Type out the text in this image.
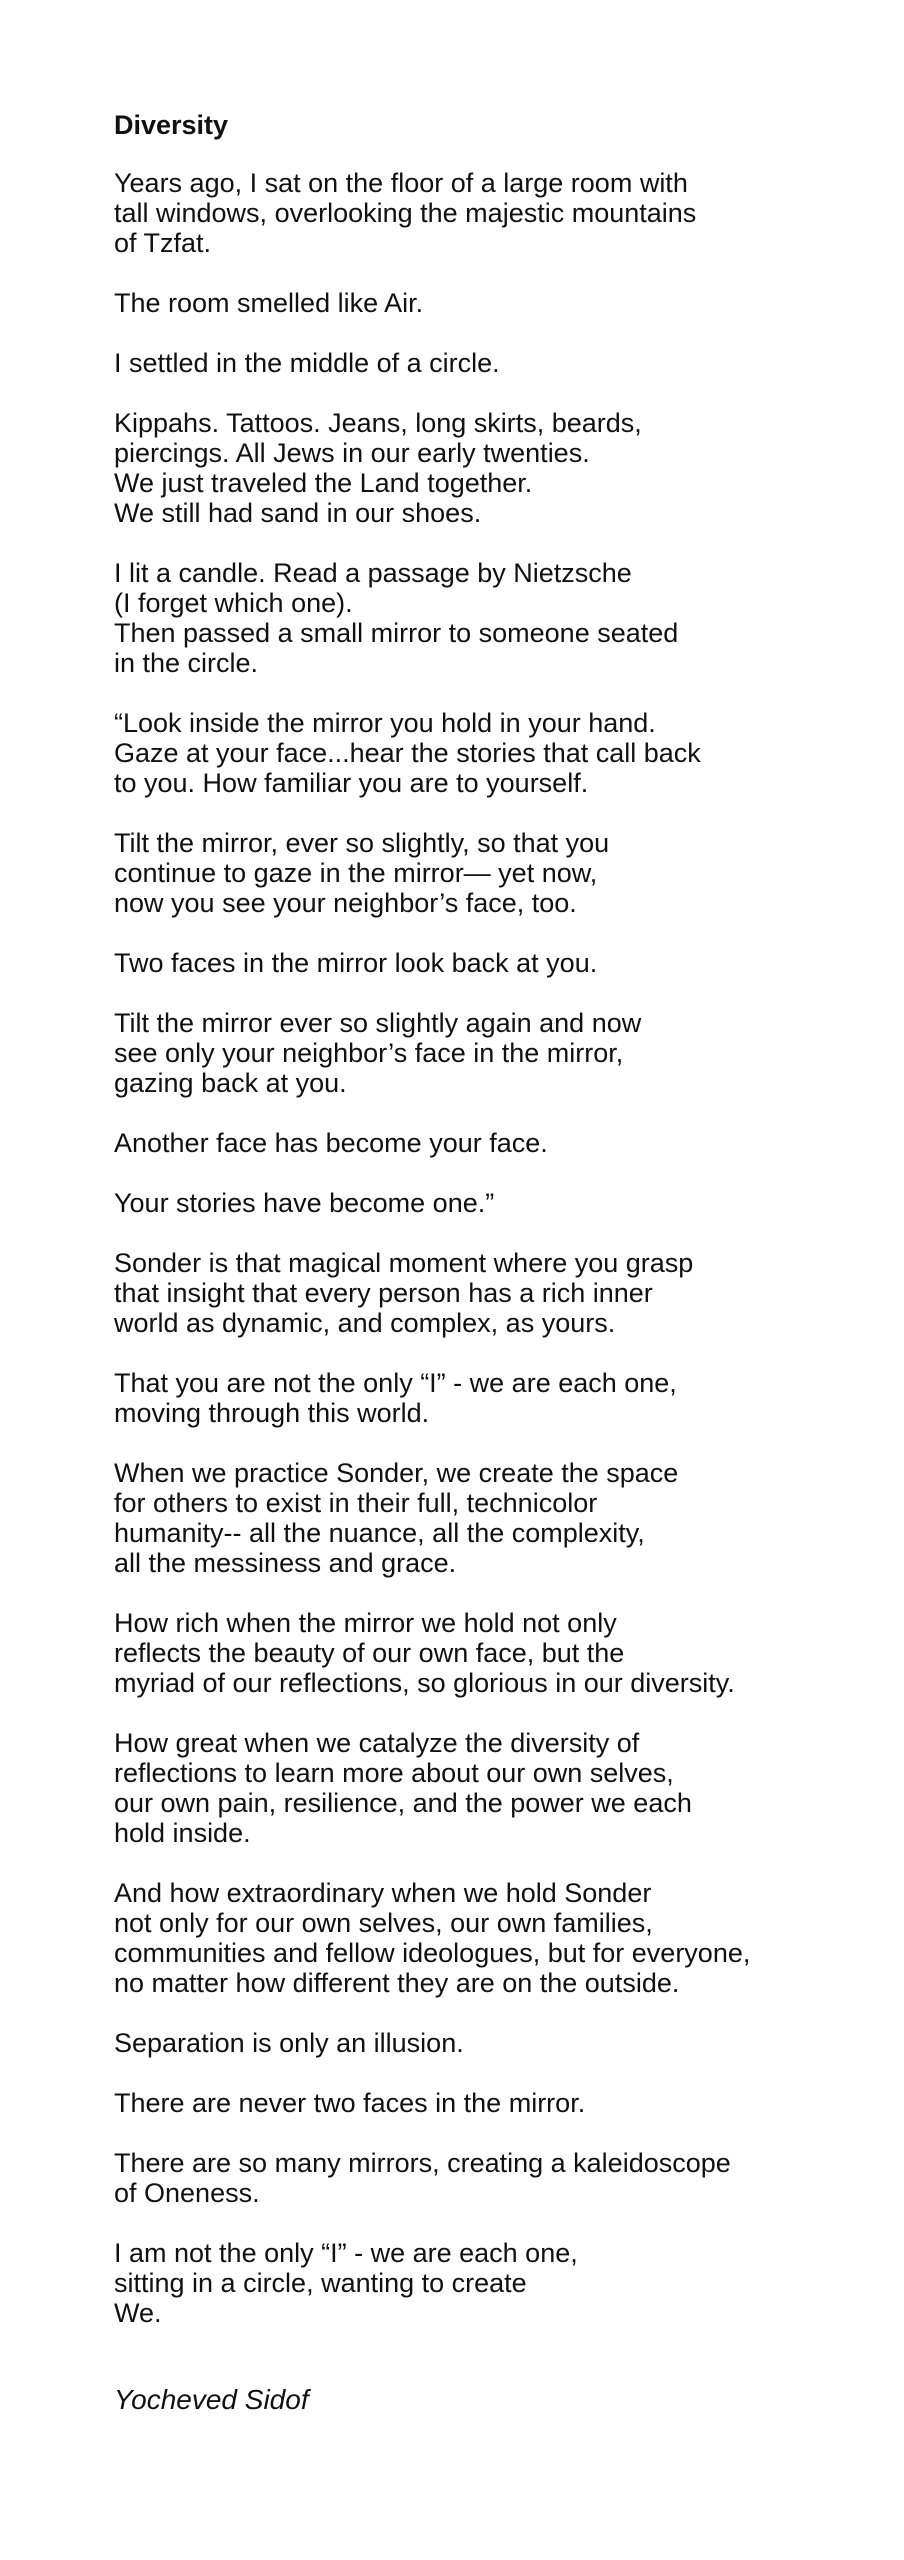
Diversity
Years ago, I sat on the floor of a large room with
tall windows, overlooking the majestic mountains
of Tzfat.
The room smelled like Air.
I settled in the middle of a circle.
Kippahs. Tattoos. Jeans, long skirts, beards,
piercings. All Jews in our early twenties.
We just traveled the Land together.
We still had sand in our shoes.
I lit a candle. Read a passage by Nietzsche
(I forget which one).
Then passed a small mirror to someone seated
in the circle.
“Look inside the mirror you hold in your hand.
Gaze at your face...hear the stories that call back
to you. How familiar you are to yourself.
Tilt the mirror, ever so slightly, so that you
continue to gaze in the mirror— yet now,
now you see your neighbor’s face, too.
Two faces in the mirror look back at you.
Tilt the mirror ever so slightly again and now
see only your neighbor’s face in the mirror,
gazing back at you.
Another face has become your face.
Your stories have become one.”
Sonder is that magical moment where you grasp
that insight that every person has a rich inner
world as dynamic, and complex, as yours.
That you are not the only “I” - we are each one,
moving through this world.
When we practice Sonder, we create the space
for others to exist in their full, technicolor
humanity-- all the nuance, all the complexity,
all the messiness and grace.
How rich when the mirror we hold not only
reflects the beauty of our own face, but the
myriad of our reflections, so glorious in our diversity.
How great when we catalyze the diversity of
reflections to learn more about our own selves,
our own pain, resilience, and the power we each
hold inside.
And how extraordinary when we hold Sonder
not only for our own selves, our own families,
communities and fellow ideologues, but for everyone,
no matter how different they are on the outside.
Separation is only an illusion.
There are never two faces in the mirror.
There are so many mirrors, creating a kaleidoscope
of Oneness.
I am not the only “I” - we are each one,
sitting in a circle, wanting to create
We.
Yocheved Sidof
